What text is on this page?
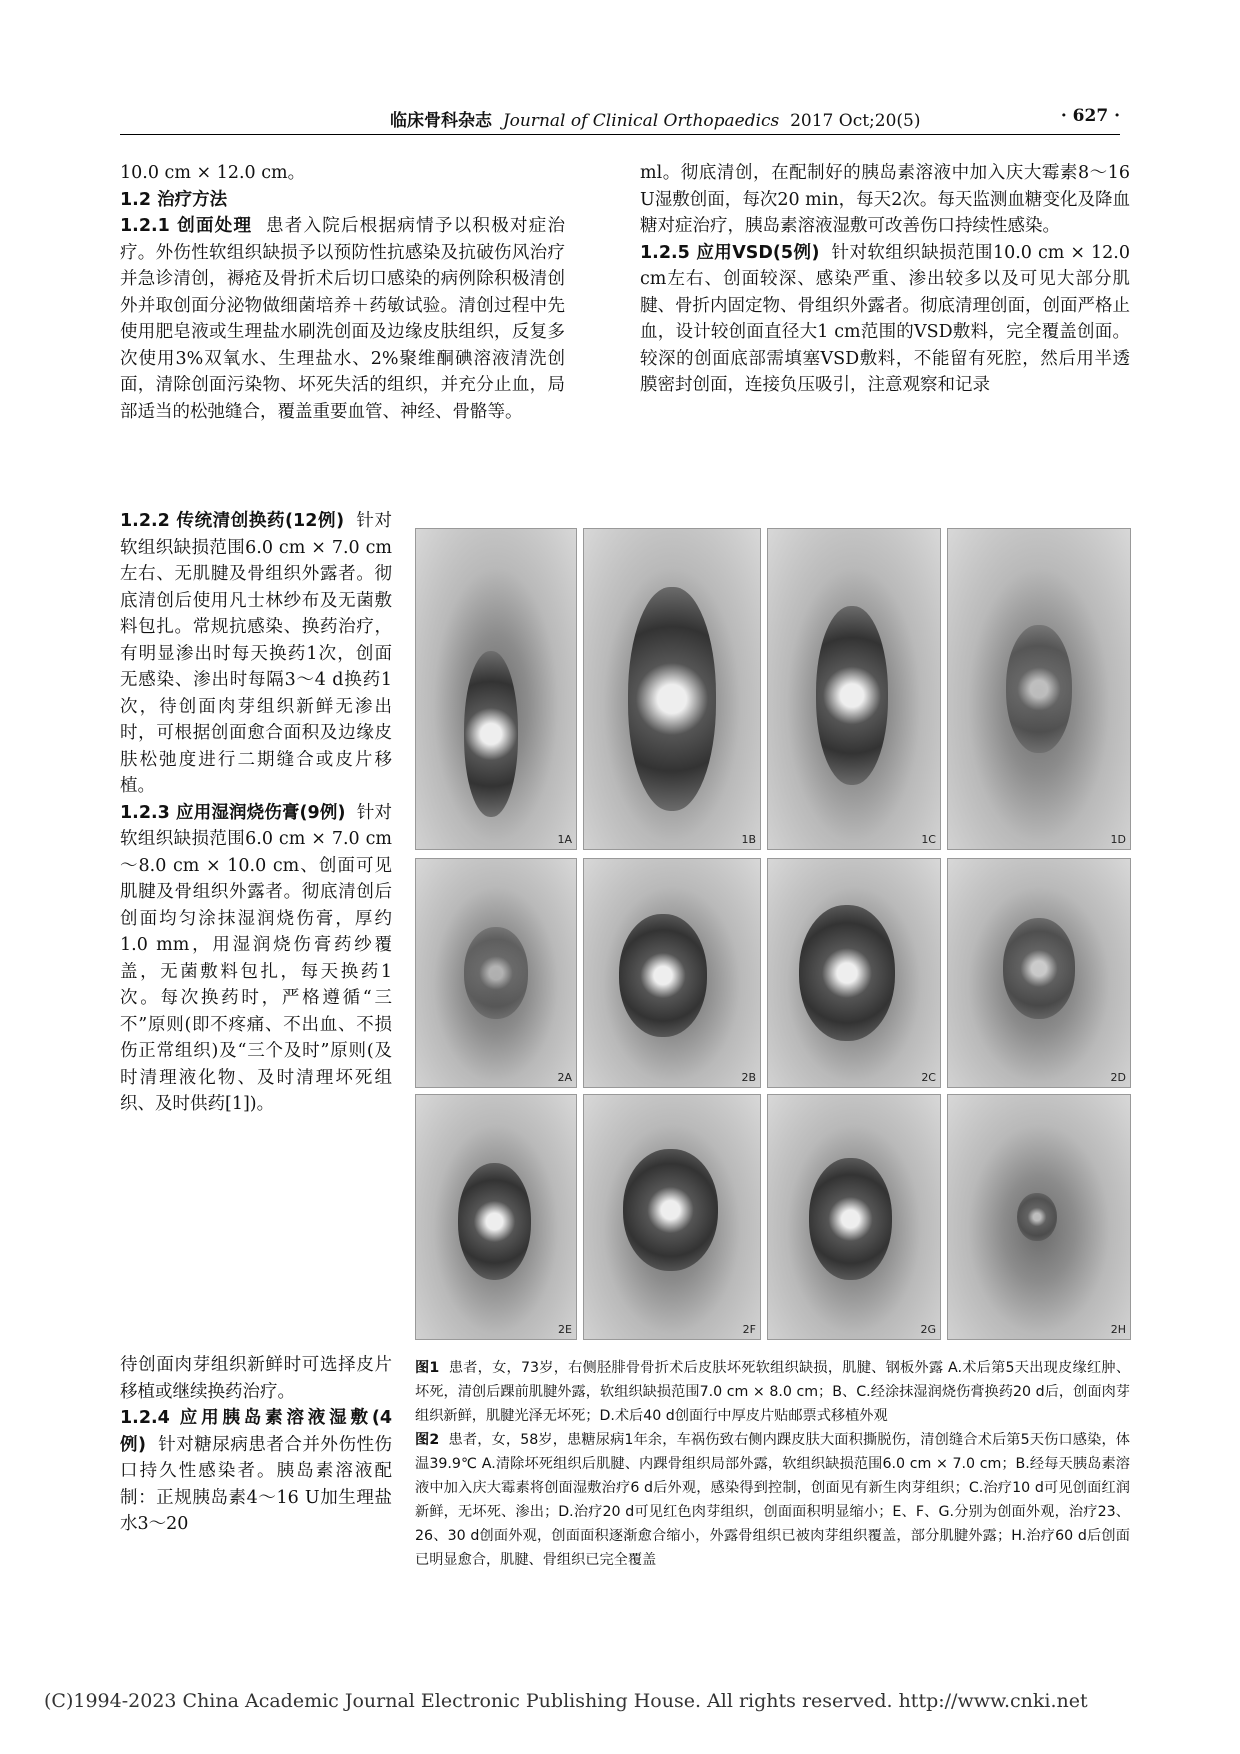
临床骨科杂志 Journal of Clinical Orthopaedics 2017 Oct;20(5)	· 627 ·

10.0 cm × 12.0 cm。

1.2 治疗方法

1.2.1 创面处理 患者入院后根据病情予以积极对症治疗。外伤性软组织缺损予以预防性抗感染及抗破伤风治疗并急诊清创，褥疮及骨折术后切口感染的病例除积极清创外并取创面分泌物做细菌培养＋药敏试验。清创过程中先使用肥皂液或生理盐水刷洗创面及边缘皮肤组织，反复多次使用3%双氧水、生理盐水、2%聚维酮碘溶液清洗创面，清除创面污染物、坏死失活的组织，并充分止血，局部适当的松弛缝合，覆盖重要血管、神经、骨骼等。

ml。彻底清创，在配制好的胰岛素溶液中加入庆大霉素8～16 U湿敷创面，每次20 min，每天2次。每天监测血糖变化及降血糖对症治疗，胰岛素溶液湿敷可改善伤口持续性感染。

1.2.5 应用VSD(5例) 针对软组织缺损范围10.0 cm × 12.0 cm左右、创面较深、感染严重、渗出较多以及可见大部分肌腱、骨折内固定物、骨组织外露者。彻底清理创面，创面严格止血，设计较创面直径大1 cm范围的VSD敷料，完全覆盖创面。较深的创面底部需填塞VSD敷料，不能留有死腔，然后用半透膜密封创面，连接负压吸引，注意观察和记录

1.2.2 传统清创换药(12例) 针对软组织缺损范围6.0 cm × 7.0 cm左右、无肌腱及骨组织外露者。彻底清创后使用凡士林纱布及无菌敷料包扎。常规抗感染、换药治疗，有明显渗出时每天换药1次，创面无感染、渗出时每隔3～4 d换药1次，待创面肉芽组织新鲜无渗出时，可根据创面愈合面积及边缘皮肤松弛度进行二期缝合或皮片移植。

1.2.3 应用湿润烧伤膏(9例) 针对软组织缺损范围6.0 cm × 7.0 cm～8.0 cm × 10.0 cm、创面可见肌腱及骨组织外露者。彻底清创后创面均匀涂抹湿润烧伤膏，厚约1.0 mm，用湿润烧伤膏药纱覆盖，无菌敷料包扎，每天换药1次。每次换药时，严格遵循“三不”原则(即不疼痛、不出血、不损伤正常组织)及“三个及时”原则(及时清理液化物、及时清理坏死组织、及时供药[1])。

待创面肉芽组织新鲜时可选择皮片移植或继续换药治疗。

1.2.4 应用胰岛素溶液湿敷(4例) 针对糖尿病患者合并外伤性伤口持久性感染者。胰岛素溶液配制：正规胰岛素4～16 U加生理盐水3～20

1A	1B	1C	1D
2A	2B	2C	2D
2E	2F	2G	2H

图1 患者，女，73岁，右侧胫腓骨骨折术后皮肤坏死软组织缺损，肌腱、钢板外露 A.术后第5天出现皮缘红肿、坏死，清创后踝前肌腱外露，软组织缺损范围7.0 cm × 8.0 cm；B、C.经涂抹湿润烧伤膏换药20 d后，创面肉芽组织新鲜，肌腱光泽无坏死；D.术后40 d创面行中厚皮片贴邮票式移植外观

图2 患者，女，58岁，患糖尿病1年余，车祸伤致右侧内踝皮肤大面积撕脱伤，清创缝合术后第5天伤口感染，体温39.9℃ A.清除坏死组织后肌腱、内踝骨组织局部外露，软组织缺损范围6.0 cm × 7.0 cm；B.经每天胰岛素溶液中加入庆大霉素将创面湿敷治疗6 d后外观，感染得到控制，创面见有新生肉芽组织；C.治疗10 d可见创面红润新鲜，无坏死、渗出；D.治疗20 d可见红色肉芽组织，创面面积明显缩小；E、F、G.分别为创面外观，治疗23、26、30 d创面外观，创面面积逐渐愈合缩小，外露骨组织已被肉芽组织覆盖，部分肌腱外露；H.治疗60 d后创面已明显愈合，肌腱、骨组织已完全覆盖

(C)1994-2023 China Academic Journal Electronic Publishing House. All rights reserved. http://www.cnki.net
